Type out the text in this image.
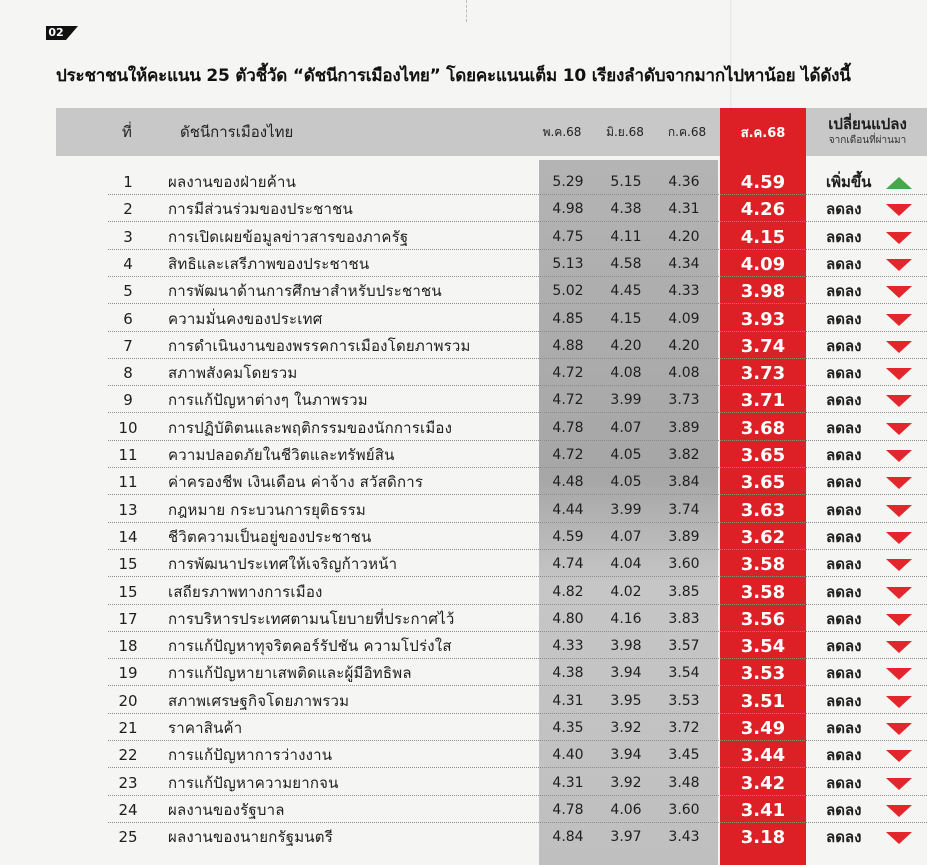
02
ประชาชนให้คะแนน 25 ตัวชี้วัด “ดัชนีการเมืองไทย” โดยคะแนนเต็ม 10 เรียงลำดับจากมากไปหาน้อย ได้ดังนี้
ที่	ดัชนีการเมืองไทย	พ.ค.68	มิ.ย.68	ก.ค.68	ส.ค.68
เปลี่ยนแปลง
จากเดือนที่ผ่านมา
1	ผลงานของฝ่ายค้าน	5.29	5.15	4.36	4.59	เพิ่มขึ้น
2	การมีส่วนร่วมของประชาชน	4.98	4.38	4.31	4.26	ลดลง
3	การเปิดเผยข้อมูลข่าวสารของภาครัฐ	4.75	4.11	4.20	4.15	ลดลง
4	สิทธิและเสรีภาพของประชาชน	5.13	4.58	4.34	4.09	ลดลง
5	การพัฒนาด้านการศึกษาสำหรับประชาชน	5.02	4.45	4.33	3.98	ลดลง
6	ความมั่นคงของประเทศ	4.85	4.15	4.09	3.93	ลดลง
7	การดำเนินงานของพรรคการเมืองโดยภาพรวม	4.88	4.20	4.20	3.74	ลดลง
8	สภาพสังคมโดยรวม	4.72	4.08	4.08	3.73	ลดลง
9	การแก้ปัญหาต่างๆ ในภาพรวม	4.72	3.99	3.73	3.71	ลดลง
10	การปฏิบัติตนและพฤติกรรมของนักการเมือง	4.78	4.07	3.89	3.68	ลดลง
11	ความปลอดภัยในชีวิตและทรัพย์สิน	4.72	4.05	3.82	3.65	ลดลง
11	ค่าครองชีพ เงินเดือน ค่าจ้าง สวัสดิการ	4.48	4.05	3.84	3.65	ลดลง
13	กฎหมาย กระบวนการยุติธรรม	4.44	3.99	3.74	3.63	ลดลง
14	ชีวิตความเป็นอยู่ของประชาชน	4.59	4.07	3.89	3.62	ลดลง
15	การพัฒนาประเทศให้เจริญก้าวหน้า	4.74	4.04	3.60	3.58	ลดลง
15	เสถียรภาพทางการเมือง	4.82	4.02	3.85	3.58	ลดลง
17	การบริหารประเทศตามนโยบายที่ประกาศไว้	4.80	4.16	3.83	3.56	ลดลง
18	การแก้ปัญหาทุจริตคอร์รัปชัน ความโปร่งใส	4.33	3.98	3.57	3.54	ลดลง
19	การแก้ปัญหายาเสพติดและผู้มีอิทธิพล	4.38	3.94	3.54	3.53	ลดลง
20	สภาพเศรษฐกิจโดยภาพรวม	4.31	3.95	3.53	3.51	ลดลง
21	ราคาสินค้า	4.35	3.92	3.72	3.49	ลดลง
22	การแก้ปัญหาการว่างงาน	4.40	3.94	3.45	3.44	ลดลง
23	การแก้ปัญหาความยากจน	4.31	3.92	3.48	3.42	ลดลง
24	ผลงานของรัฐบาล	4.78	4.06	3.60	3.41	ลดลง
25	ผลงานของนายกรัฐมนตรี	4.84	3.97	3.43	3.18	ลดลง
